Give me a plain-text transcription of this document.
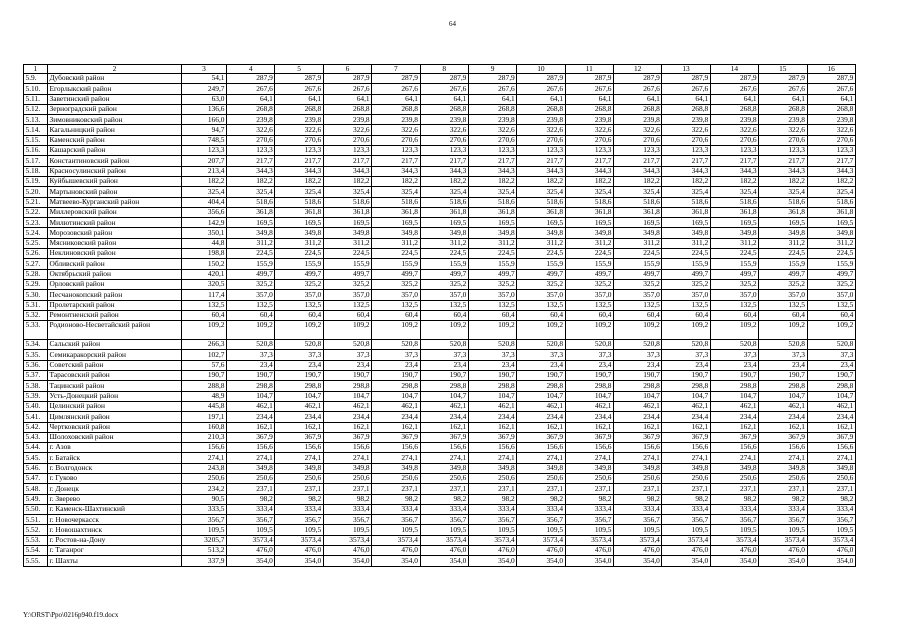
64
1	2	3	4	5	6	7	8	9	10	11	12	13	14	15	16
5.9.	Дубовский район	54,1	287,9	287,9	287,9	287,9	287,9	287,9	287,9	287,9	287,9	287,9	287,9	287,9	287,9
5.10.	Егорлыкский район	249,7	267,6	267,6	267,6	267,6	267,6	267,6	267,6	267,6	267,6	267,6	267,6	267,6	267,6
5.11.	Заветинский район	63,0	64,1	64,1	64,1	64,1	64,1	64,1	64,1	64,1	64,1	64,1	64,1	64,1	64,1
5.12.	Зерноградский район	136,6	268,8	268,8	268,8	268,8	268,8	268,8	268,8	268,8	268,8	268,8	268,8	268,8	268,8
5.13.	Зимовниковский район	166,0	239,8	239,8	239,8	239,8	239,8	239,8	239,8	239,8	239,8	239,8	239,8	239,8	239,8
5.14.	Кагальницкий район	94,7	322,6	322,6	322,6	322,6	322,6	322,6	322,6	322,6	322,6	322,6	322,6	322,6	322,6
5.15.	Каменский район	748,5	270,6	270,6	270,6	270,6	270,6	270,6	270,6	270,6	270,6	270,6	270,6	270,6	270,6
5.16.	Кашарский район	123,3	123,3	123,3	123,3	123,3	123,3	123,3	123,3	123,3	123,3	123,3	123,3	123,3	123,3
5.17.	Константиновский район	207,7	217,7	217,7	217,7	217,7	217,7	217,7	217,7	217,7	217,7	217,7	217,7	217,7	217,7
5.18.	Красносулинский район	213,4	344,3	344,3	344,3	344,3	344,3	344,3	344,3	344,3	344,3	344,3	344,3	344,3	344,3
5.19.	Куйбышевский район	182,2	182,2	182,2	182,2	182,2	182,2	182,2	182,2	182,2	182,2	182,2	182,2	182,2	182,2
5.20.	Мартыновский район	325,4	325,4	325,4	325,4	325,4	325,4	325,4	325,4	325,4	325,4	325,4	325,4	325,4	325,4
5.21.	Матвеево-Курганский район	404,4	518,6	518,6	518,6	518,6	518,6	518,6	518,6	518,6	518,6	518,6	518,6	518,6	518,6
5.22.	Миллеровский район	356,6	361,8	361,8	361,8	361,8	361,8	361,8	361,8	361,8	361,8	361,8	361,8	361,8	361,8
5.23.	Милютинский район	142,9	169,5	169,5	169,5	169,5	169,5	169,5	169,5	169,5	169,5	169,5	169,5	169,5	169,5
5.24.	Морозовский район	350,1	349,8	349,8	349,8	349,8	349,8	349,8	349,8	349,8	349,8	349,8	349,8	349,8	349,8
5.25.	Мясниковский район	44,8	311,2	311,2	311,2	311,2	311,2	311,2	311,2	311,2	311,2	311,2	311,2	311,2	311,2
5.26.	Неклиновский район	198,8	224,5	224,5	224,5	224,5	224,5	224,5	224,5	224,5	224,5	224,5	224,5	224,5	224,5
5.27.	Обливский район	150,2	155,9	155,9	155,9	155,9	155,9	155,9	155,9	155,9	155,9	155,9	155,9	155,9	155,9
5.28.	Октябрьский район	420,1	499,7	499,7	499,7	499,7	499,7	499,7	499,7	499,7	499,7	499,7	499,7	499,7	499,7
5.29.	Орловский район	320,5	325,2	325,2	325,2	325,2	325,2	325,2	325,2	325,2	325,2	325,2	325,2	325,2	325,2
5.30.	Песчанокопский район	117,4	357,0	357,0	357,0	357,0	357,0	357,0	357,0	357,0	357,0	357,0	357,0	357,0	357,0
5.31.	Пролетарский район	132,5	132,5	132,5	132,5	132,5	132,5	132,5	132,5	132,5	132,5	132,5	132,5	132,5	132,5
5.32.	Ремонтненский район	60,4	60,4	60,4	60,4	60,4	60,4	60,4	60,4	60,4	60,4	60,4	60,4	60,4	60,4
5.33.	Родионово-Несветайский район	109,2	109,2	109,2	109,2	109,2	109,2	109,2	109,2	109,2	109,2	109,2	109,2	109,2	109,2
5.34.	Сальский район	266,3	520,8	520,8	520,8	520,8	520,8	520,8	520,8	520,8	520,8	520,8	520,8	520,8	520,8
5.35.	Семикаракорский район	102,7	37,3	37,3	37,3	37,3	37,3	37,3	37,3	37,3	37,3	37,3	37,3	37,3	37,3
5.36.	Советский район	57,6	23,4	23,4	23,4	23,4	23,4	23,4	23,4	23,4	23,4	23,4	23,4	23,4	23,4
5.37.	Тарасовский район	190,7	190,7	190,7	190,7	190,7	190,7	190,7	190,7	190,7	190,7	190,7	190,7	190,7	190,7
5.38.	Тацинский район	288,8	298,8	298,8	298,8	298,8	298,8	298,8	298,8	298,8	298,8	298,8	298,8	298,8	298,8
5.39.	Усть-Донецкий район	48,9	104,7	104,7	104,7	104,7	104,7	104,7	104,7	104,7	104,7	104,7	104,7	104,7	104,7
5.40.	Целинский район	445,8	462,1	462,1	462,1	462,1	462,1	462,1	462,1	462,1	462,1	462,1	462,1	462,1	462,1
5.41.	Цимлянский район	197,1	234,4	234,4	234,4	234,4	234,4	234,4	234,4	234,4	234,4	234,4	234,4	234,4	234,4
5.42.	Чертковский район	160,8	162,1	162,1	162,1	162,1	162,1	162,1	162,1	162,1	162,1	162,1	162,1	162,1	162,1
5.43.	Шолоховский район	210,3	367,9	367,9	367,9	367,9	367,9	367,9	367,9	367,9	367,9	367,9	367,9	367,9	367,9
5.44.	г. Азов	156,6	156,6	156,6	156,6	156,6	156,6	156,6	156,6	156,6	156,6	156,6	156,6	156,6	156,6
5.45.	г. Батайск	274,1	274,1	274,1	274,1	274,1	274,1	274,1	274,1	274,1	274,1	274,1	274,1	274,1	274,1
5.46.	г. Волгодонск	243,8	349,8	349,8	349,8	349,8	349,8	349,8	349,8	349,8	349,8	349,8	349,8	349,8	349,8
5.47.	г. Гуково	250,6	250,6	250,6	250,6	250,6	250,6	250,6	250,6	250,6	250,6	250,6	250,6	250,6	250,6
5.48.	г. Донецк	234,2	237,1	237,1	237,1	237,1	237,1	237,1	237,1	237,1	237,1	237,1	237,1	237,1	237,1
5.49.	г. Зверево	90,5	98,2	98,2	98,2	98,2	98,2	98,2	98,2	98,2	98,2	98,2	98,2	98,2	98,2
5.50.	г. Каменск-Шахтинский	333,5	333,4	333,4	333,4	333,4	333,4	333,4	333,4	333,4	333,4	333,4	333,4	333,4	333,4
5.51.	г. Новочеркасск	356,7	356,7	356,7	356,7	356,7	356,7	356,7	356,7	356,7	356,7	356,7	356,7	356,7	356,7
5.52.	г. Новошахтинск	109,5	109,5	109,5	109,5	109,5	109,5	109,5	109,5	109,5	109,5	109,5	109,5	109,5	109,5
5.53.	г. Ростов-на-Дону	3205,7	3573,4	3573,4	3573,4	3573,4	3573,4	3573,4	3573,4	3573,4	3573,4	3573,4	3573,4	3573,4	3573,4
5.54.	г. Таганрог	513,2	476,0	476,0	476,0	476,0	476,0	476,0	476,0	476,0	476,0	476,0	476,0	476,0	476,0
5.55.	г. Шахты	337,9	354,0	354,0	354,0	354,0	354,0	354,0	354,0	354,0	354,0	354,0	354,0	354,0	354,0
Y:\ORST\Ppo\0216p940.f19.docx
